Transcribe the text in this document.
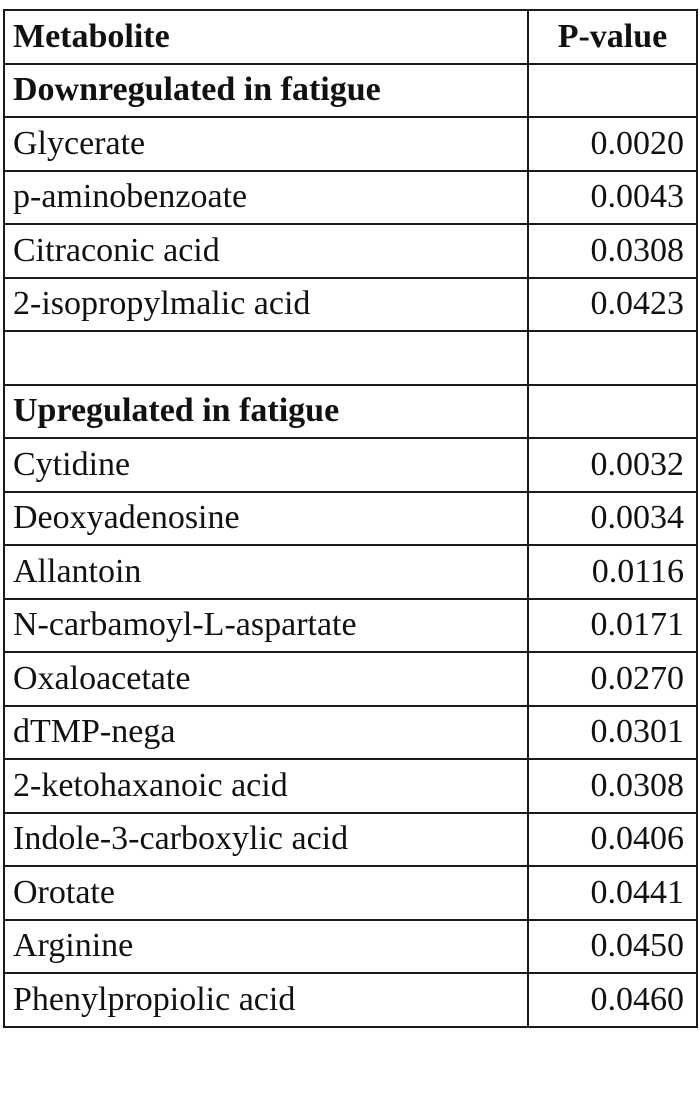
Metabolite	P-value
Downregulated in fatigue	
Glycerate	0.0020
p-aminobenzoate	0.0043
Citraconic acid	0.0308
2-isopropylmalic acid	0.0423

Upregulated in fatigue	
Cytidine	0.0032
Deoxyadenosine	0.0034
Allantoin	0.0116
N-carbamoyl-L-aspartate	0.0171
Oxaloacetate	0.0270
dTMP-nega	0.0301
2-ketohaxanoic acid	0.0308
Indole-3-carboxylic acid	0.0406
Orotate	0.0441
Arginine	0.0450
Phenylpropiolic acid	0.0460
